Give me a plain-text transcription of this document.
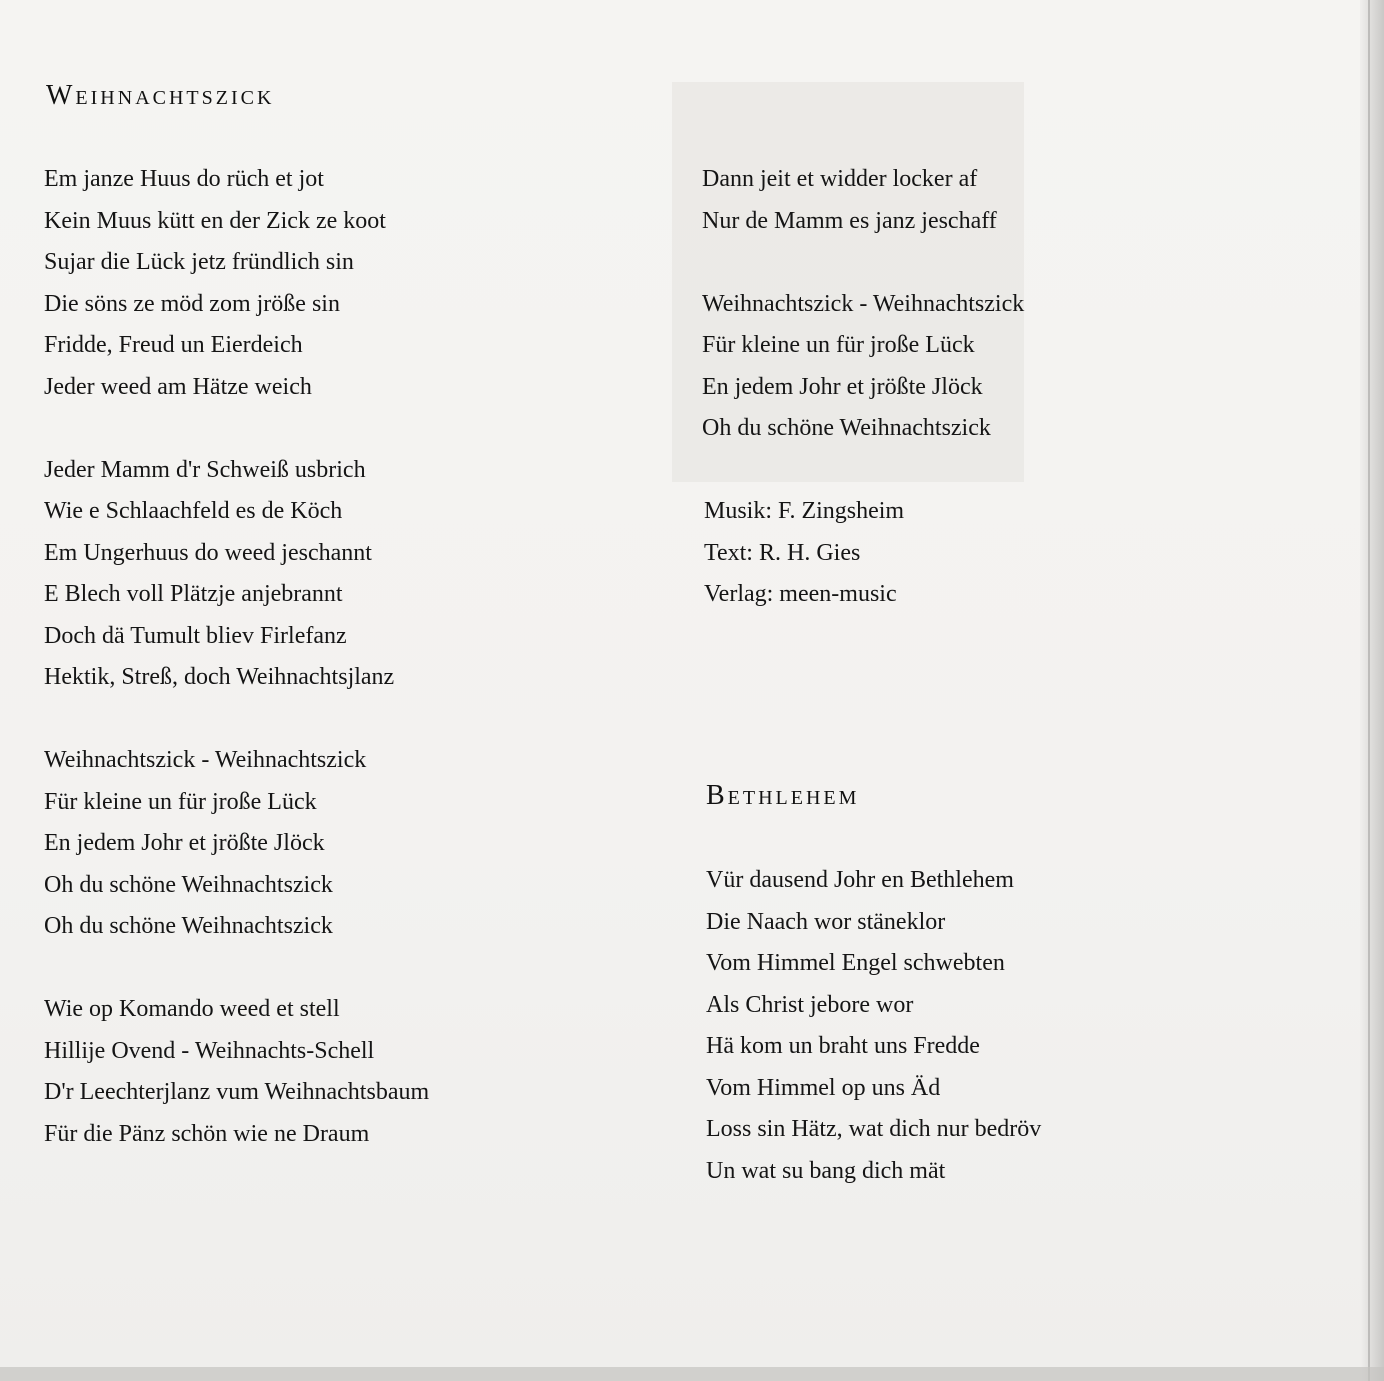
Em janze Huus do rüch et jot
Kein Muus kütt en der Zick ze koot
Sujar die Lück jetz fründlich sin
Die söns ze möd zom jröße sin
Fridde, Freud un Eierdeich
Jeder weed am Hätze weich
Jeder Mamm d'r Schweiß usbrich
Wie e Schlaachfeld es de Köch
Em Ungerhuus do weed jeschannt
E Blech voll Plätzje anjebrannt
Doch dä Tumult bliev Firlefanz
Hektik, Streß, doch Weihnachtsjlanz
Weihnachtszick - Weihnachtszick
Für kleine un für jroße Lück
En jedem Johr et jrößte Jlöck
Oh du schöne Weihnachtszick
Oh du schöne Weihnachtszick
Wie op Komando weed et stell
Hillije Ovend - Weihnachts-Schell
D'r Leechterjlanz vum Weihnachtsbaum
Für die Pänz schön wie ne Draum
Dann jeit et widder locker af
Nur de Mamm es janz jeschaff
Weihnachtszick - Weihnachtszick
Für kleine un für jroße Lück
En jedem Johr et jrößte Jlöck
Oh du schöne Weihnachtszick
Musik: F. Zingsheim
Text: R. H. Gies
Verlag: meen-music
Vür dausend Johr en Bethlehem
Die Naach wor stäneklor
Vom Himmel Engel schwebten
Als Christ jebore wor
Hä kom un braht uns Fredde
Vom Himmel op uns Äd
Loss sin Hätz, wat dich nur bedröv
Un wat su bang dich mät
Weihnachtszick
Bethlehem
